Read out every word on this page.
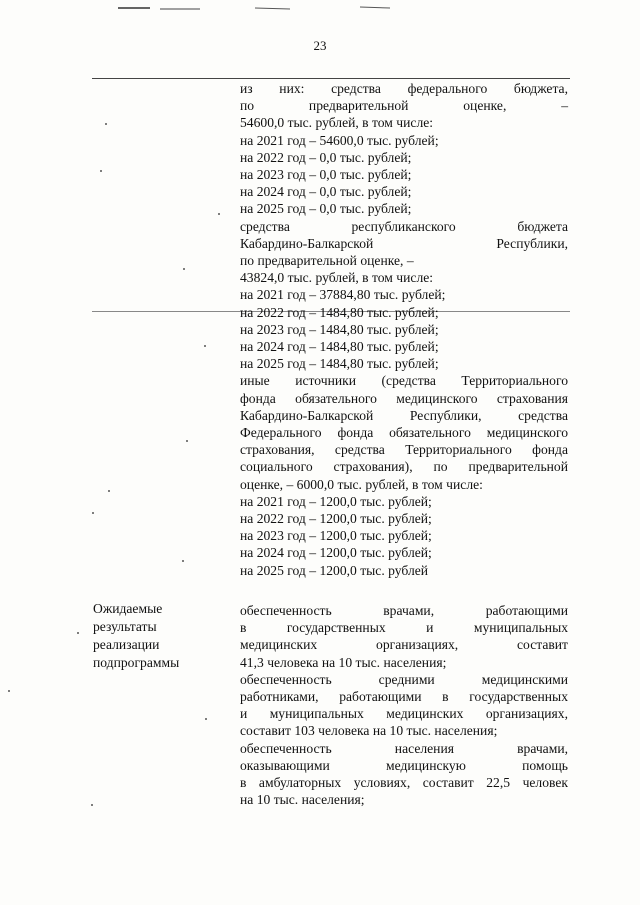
23
из них: средства федерального бюджета,
по предварительной оценке, –
54600,0 тыс. рублей, в том числе:
на 2021 год – 54600,0 тыс. рублей;
на 2022 год – 0,0 тыс. рублей;
на 2023 год – 0,0 тыс. рублей;
на 2024 год – 0,0 тыс. рублей;
на 2025 год – 0,0 тыс. рублей;
средства республиканского бюджета
Кабардино-Балкарской Республики,
по предварительной оценке, –
43824,0 тыс. рублей, в том числе:
на 2021 год – 37884,80 тыс. рублей;
на 2022 год – 1484,80 тыс. рублей;
на 2023 год – 1484,80 тыс. рублей;
на 2024 год – 1484,80 тыс. рублей;
на 2025 год – 1484,80 тыс. рублей;
иные источники (средства Территориального
фонда обязательного медицинского страхования
Кабардино-Балкарской Республики, средства
Федерального фонда обязательного медицинского
страхования, средства Территориального фонда
социального страхования), по предварительной
оценке, – 6000,0 тыс. рублей, в том числе:
на 2021 год – 1200,0 тыс. рублей;
на 2022 год – 1200,0 тыс. рублей;
на 2023 год – 1200,0 тыс. рублей;
на 2024 год – 1200,0 тыс. рублей;
на 2025 год – 1200,0 тыс. рублей
Ожидаемые
результаты
реализации
подпрограммы
обеспеченность врачами, работающими
в государственных и муниципальных
медицинских организациях, составит
41,3 человека на 10 тыс. населения;
обеспеченность средними медицинскими
работниками, работающими в государственных
и муниципальных медицинских организациях,
составит 103 человека на 10 тыс. населения;
обеспеченность населения врачами,
оказывающими медицинскую помощь
в амбулаторных условиях, составит 22,5 человек
на 10 тыс. населения;
